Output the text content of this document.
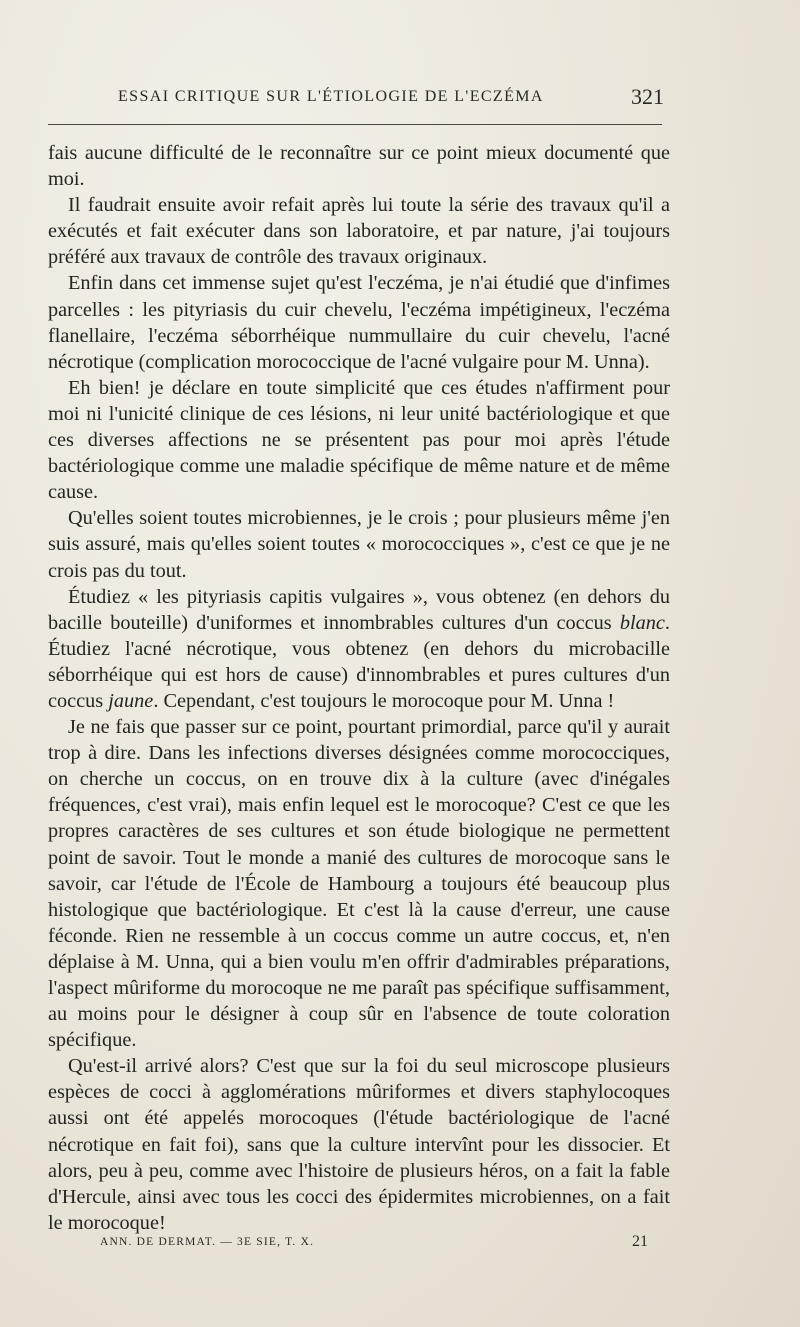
ESSAI CRITIQUE SUR L'ÉTIOLOGIE DE L'ECZÉMA	321

fais aucune difficulté de le reconnaître sur ce point mieux documenté que moi.

Il faudrait ensuite avoir refait après lui toute la série des travaux qu'il a exécutés et fait exécuter dans son laboratoire, et par nature, j'ai toujours préféré aux travaux de contrôle des travaux originaux.

Enfin dans cet immense sujet qu'est l'eczéma, je n'ai étudié que d'infimes parcelles : les pityriasis du cuir chevelu, l'eczéma impétigineux, l'eczéma flanellaire, l'eczéma séborrhéique nummullaire du cuir chevelu, l'acné nécrotique (complication morococcique de l'acné vulgaire pour M. Unna).

Eh bien! je déclare en toute simplicité que ces études n'affirment pour moi ni l'unicité clinique de ces lésions, ni leur unité bactériologique et que ces diverses affections ne se présentent pas pour moi après l'étude bactériologique comme une maladie spécifique de même nature et de même cause.

Qu'elles soient toutes microbiennes, je le crois ; pour plusieurs même j'en suis assuré, mais qu'elles soient toutes « morococciques », c'est ce que je ne crois pas du tout.

Étudiez « les pityriasis capitis vulgaires », vous obtenez (en dehors du bacille bouteille) d'uniformes et innombrables cultures d'un coccus blanc. Étudiez l'acné nécrotique, vous obtenez (en dehors du microbacille séborrhéique qui est hors de cause) d'innombrables et pures cultures d'un coccus jaune. Cependant, c'est toujours le morocoque pour M. Unna !

Je ne fais que passer sur ce point, pourtant primordial, parce qu'il y aurait trop à dire. Dans les infections diverses désignées comme morococciques, on cherche un coccus, on en trouve dix à la culture (avec d'inégales fréquences, c'est vrai), mais enfin lequel est le morocoque? C'est ce que les propres caractères de ses cultures et son étude biologique ne permettent point de savoir. Tout le monde a manié des cultures de morocoque sans le savoir, car l'étude de l'École de Hambourg a toujours été beaucoup plus histologique que bactériologique. Et c'est là la cause d'erreur, une cause féconde. Rien ne ressemble à un coccus comme un autre coccus, et, n'en déplaise à M. Unna, qui a bien voulu m'en offrir d'admirables préparations, l'aspect mûriforme du morocoque ne me paraît pas spécifique suffisamment, au moins pour le désigner à coup sûr en l'absence de toute coloration spécifique.

Qu'est-il arrivé alors? C'est que sur la foi du seul microscope plusieurs espèces de cocci à agglomérations mûriformes et divers staphylocoques aussi ont été appelés morocoques (l'étude bactériologique de l'acné nécrotique en fait foi), sans que la culture intervînt pour les dissocier. Et alors, peu à peu, comme avec l'histoire de plusieurs héros, on a fait la fable d'Hercule, ainsi avec tous les cocci des épidermites microbiennes, on a fait le morocoque!

ANN. DE DERMAT. — 3E SIE, T. X.	21
